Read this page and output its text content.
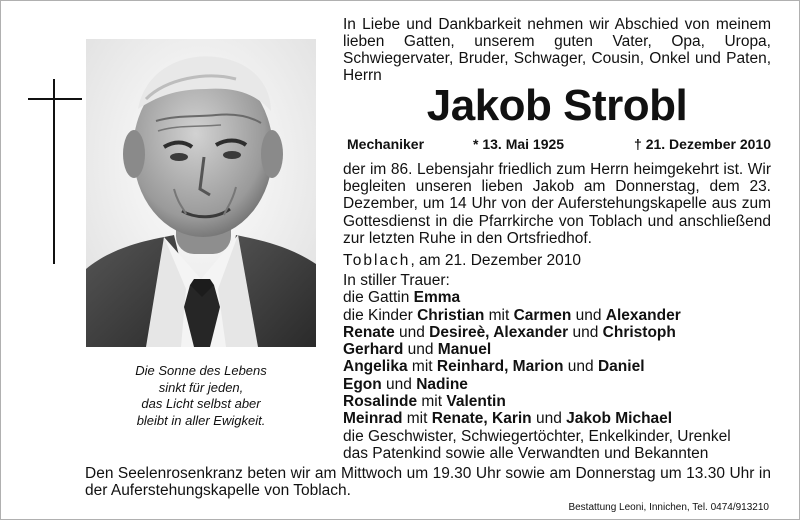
Die Sonne des Lebens
sinkt für jeden,
das Licht selbst aber
bleibt in aller Ewigkeit.
In Liebe und Dankbarkeit nehmen wir Abschied von meinem lieben Gatten, unserem guten Vater, Opa, Uropa, Schwiegervater, Bruder, Schwager, Cousin, Onkel und Paten, Herrn
Jakob Strobl
Mechaniker	* 13. Mai 1925	† 21. Dezember 2010
der im 86. Lebensjahr friedlich zum Herrn heimgekehrt ist. Wir begleiten unseren lieben Jakob am Donnerstag, dem 23. Dezember, um 14 Uhr von der Auferstehungskapelle aus zum Gottesdienst in die Pfarrkirche von Toblach und anschließend zur letzten Ruhe in den Ortsfriedhof.
Toblach, am 21. Dezember 2010
In stiller Trauer:
die Gattin Emma
die Kinder Christian mit Carmen und Alexander
Renate und Desireè, Alexander und Christoph
Gerhard und Manuel
Angelika mit Reinhard, Marion und Daniel
Egon und Nadine
Rosalinde mit Valentin
Meinrad mit Renate, Karin und Jakob Michael
die Geschwister, Schwiegertöchter, Enkelkinder, Urenkel
das Patenkind sowie alle Verwandten und Bekannten
Den Seelenrosenkranz beten wir am Mittwoch um 19.30 Uhr sowie am Donnerstag um 13.30 Uhr in der Auferstehungskapelle von Toblach.
Bestattung Leoni, Innichen, Tel. 0474/913210
